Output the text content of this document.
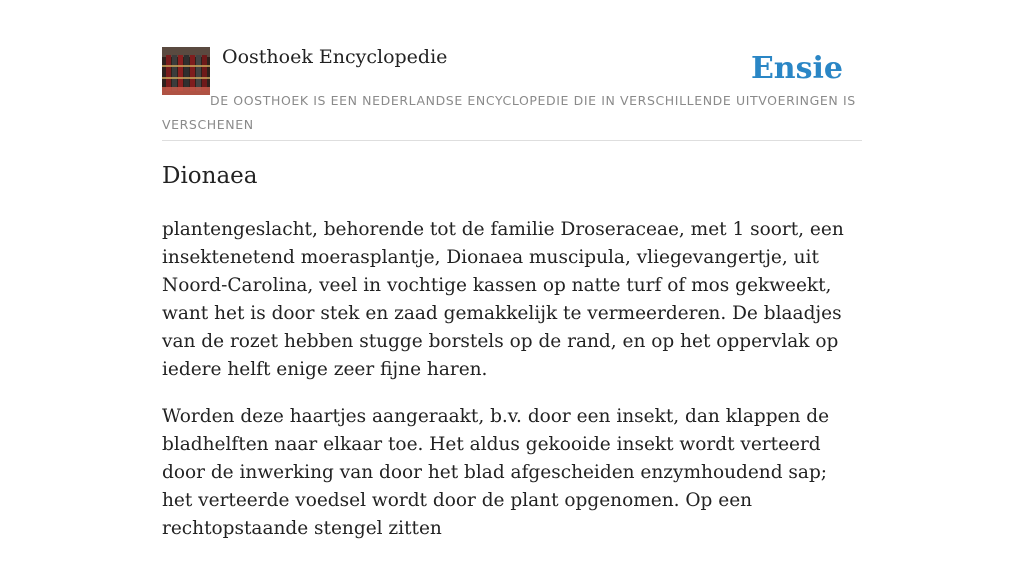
Oosthoek Encyclopedie	Ensie
DE OOSTHOEK IS EEN NEDERLANDSE ENCYCLOPEDIE DIE IN VERSCHILLENDE UITVOERINGEN IS VERSCHENEN
Dionaea

plantengeslacht, behorende tot de familie Droseraceae, met 1 soort, een insektenetend moerasplantje, Dionaea muscipula, vliegevangertje, uit Noord-Carolina, veel in vochtige kassen op natte turf of mos gekweekt, want het is door stek en zaad gemakkelijk te vermeerderen. De blaadjes van de rozet hebben stugge borstels op de rand, en op het oppervlak op iedere helft enige zeer fijne haren.

Worden deze haartjes aangeraakt, b.v. door een insekt, dan klappen de bladhelften naar elkaar toe. Het aldus gekooide insekt wordt verteerd door de inwerking van door het blad afgescheiden enzymhoudend sap; het verteerde voedsel wordt door de plant opgenomen. Op een rechtopstaande stengel zitten
